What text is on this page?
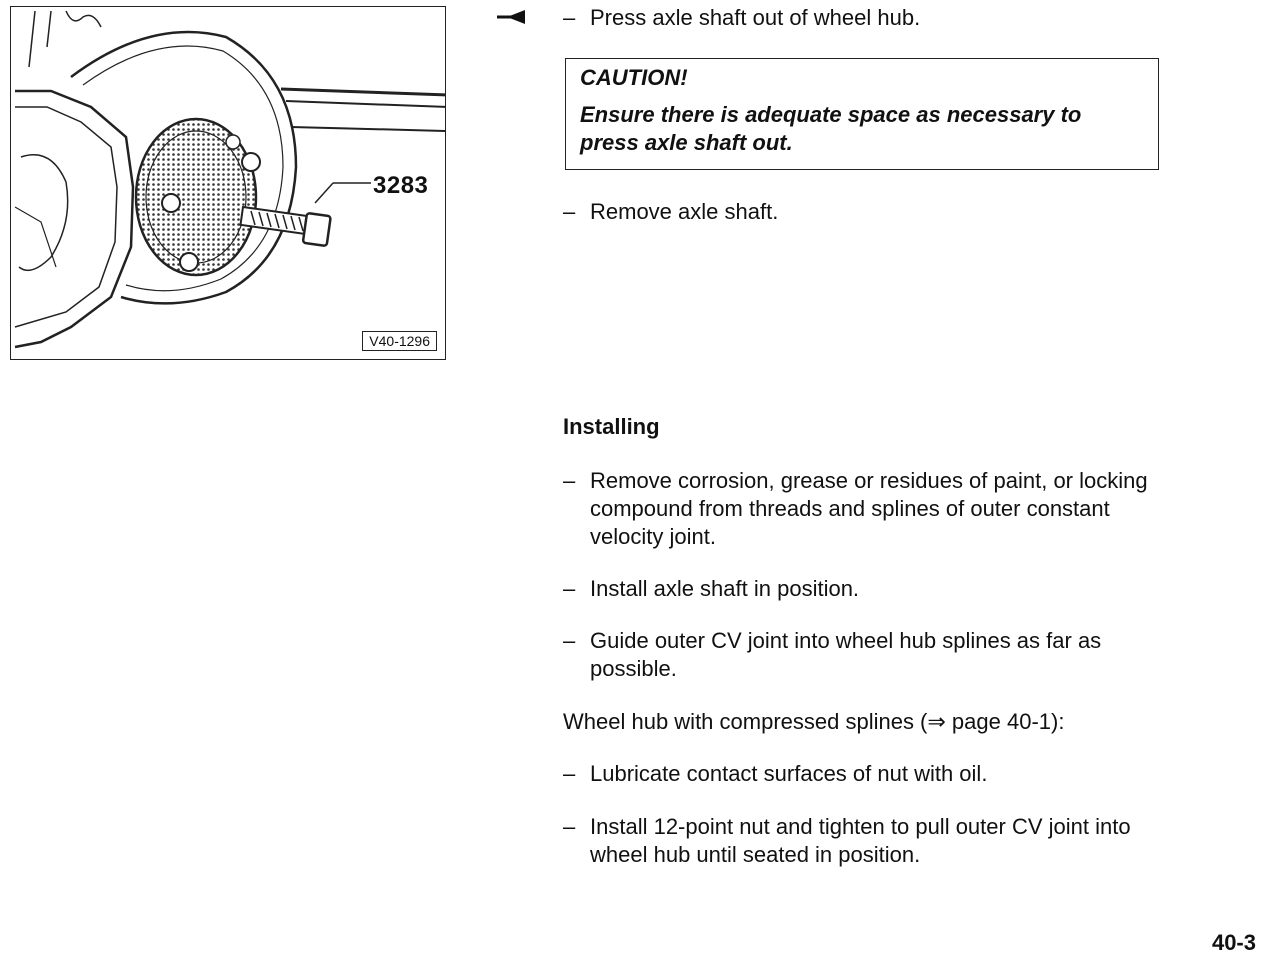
3283
V40-1296
– Press axle shaft out of wheel hub.
CAUTION!
Ensure there is adequate space as necessary to press axle shaft out.
– Remove axle shaft.
Installing
– Remove corrosion, grease or residues of paint, or locking compound from threads and splines of outer constant velocity joint.
– Install axle shaft in position.
– Guide outer CV joint into wheel hub splines as far as possible.
Wheel hub with compressed splines (⇒ page 40-1):
– Lubricate contact surfaces of nut with oil.
– Install 12-point nut and tighten to pull outer CV joint into wheel hub until seated in position.
40-3
